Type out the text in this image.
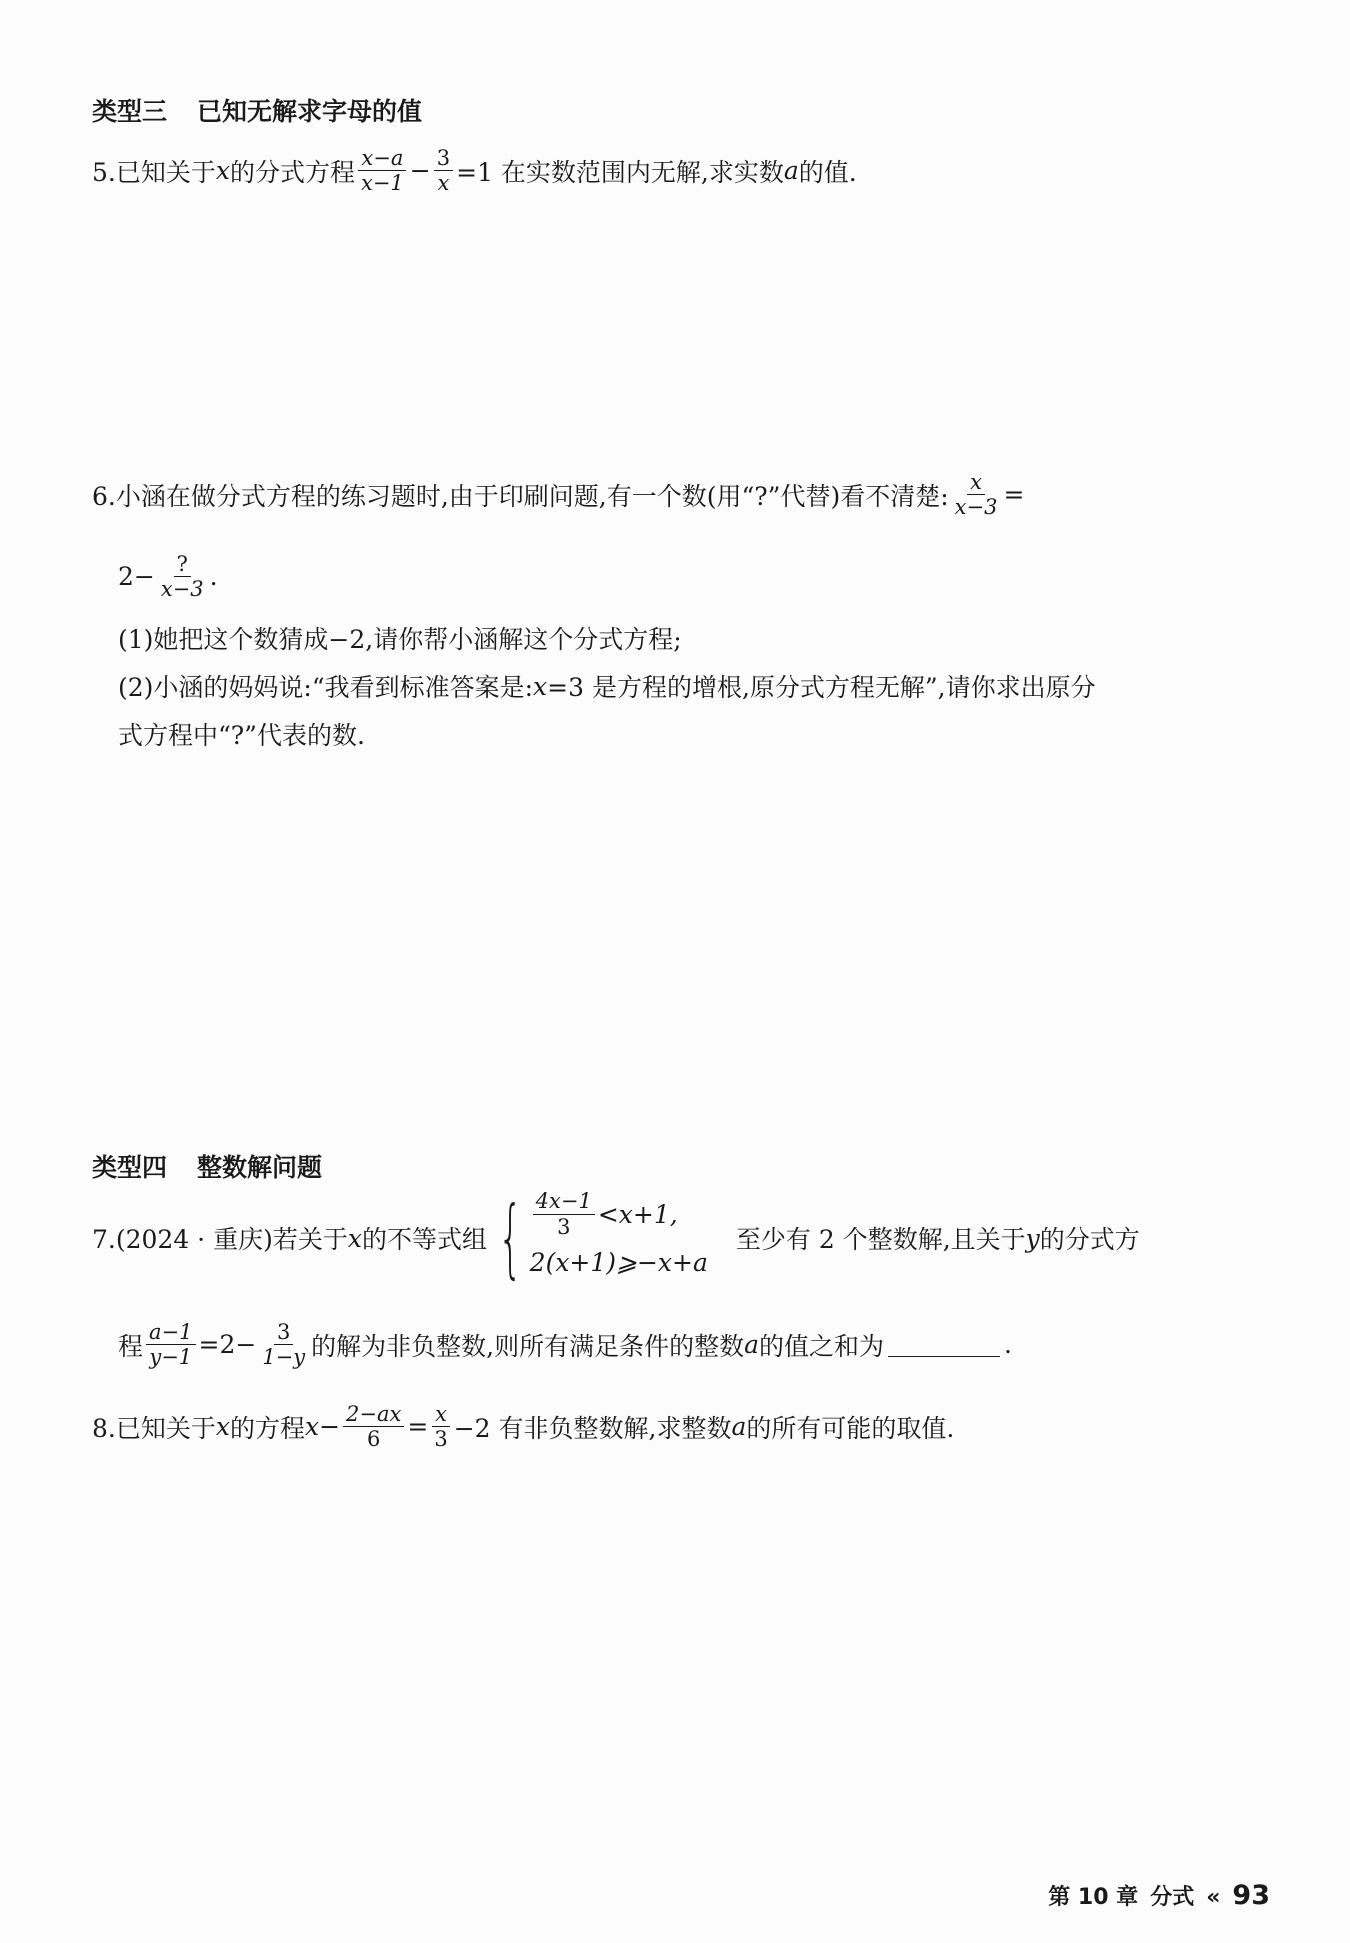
类型三 已知无解求字母的值
5.已知关于 x 的分式方程 $\frac{x-a}{x-1} - \frac{3}{x} =1$ 在实数范围内无解,求实数 a 的值.
6.小涵在做分式方程的练习题时,由于印刷问题,有一个数(用“?”代替)看不清楚: $\frac{x}{x-3}$ =
$2- \frac{?}{x-3}$ .
(1)她把这个数猜成−2,请你帮小涵解这个分式方程;
(2)小涵的妈妈说:“我看到标准答案是: x =3 是方程的增根,原分式方程无解”,请你求出原分
式方程中“?”代表的数.
类型四 整数解问题
7.(2024 · 重庆)若关于 x 的不等式组 { $\frac{4x-1}{3} <x+1$,
2(x+1)⩾−x+a
至少有 2 个整数解,且关于 y 的分式方
程 $\frac{a-1}{y-1} =2- \frac{3}{1-y}$ 的解为非负整数,则所有满足条件的整数 a 的值之和为	.
8.已知关于 x 的方程 $x - \frac{2-ax}{6} = \frac{x}{3} -2$ 有非负整数解,求整数 a 的所有可能的取值.
第 10 章 分式 « 93
